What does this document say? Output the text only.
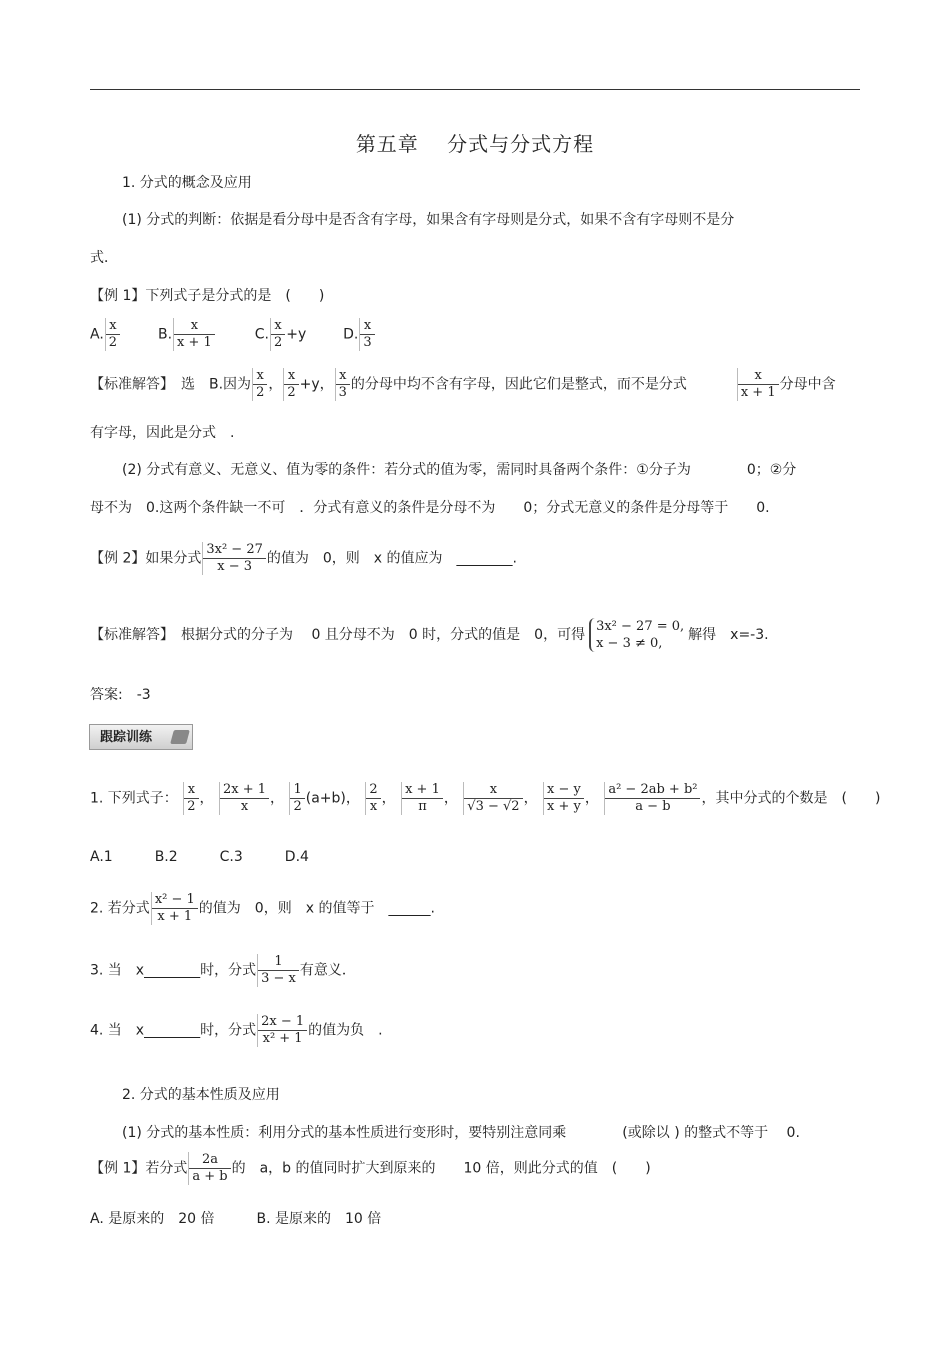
第五章　 分式与分式方程
1. 分式的概念及应用
(1) 分式的判断：依据是看分母中是否含有字母，如果含有字母则是分式，如果不含有字母则不是分
式．
【例 1】下列式子是分式的是　(　　)
A. $\frac{x}{2}$	B. $\frac{x}{x + 1}$	C. $\frac{x}{2} +y$	D. $\frac{x}{3}$
【标准解答】　选　B.因为 $\frac{x}{2}$ ， $\frac{x}{2} +y$， $\frac{x}{3}$ 的分母中均不含有字母，因此它们是整式，而不是分式	$\frac{x}{x + 1}$ 分母中含
有字母，因此是分式　.
(2) 分式有意义、无意义、值为零的条件：若分式的值为零，需同时具备两个条件：①分子为　　　　0；②分
母不为　0.这两个条件缺一不可　．分式有意义的条件是分母不为　　0；分式无意义的条件是分母等于　　0.
【例 2】如果分式 $\frac{\text{3x² − 27}}{x - 3}$ 的值为　0，则　x 的值应为　________.
【标准解答】　根据分式的分子为　 0 且分母不为　0 时，分式的值是　0，可得
3x² − 27 = 0,
x − 3 ≠ 0,
解得　x=-3.
答案:　-3
跟踪训练
1. 下列式子： $\frac{x}{2}$ ， $\frac{2x + 1}{x}$ ， $\frac{1}{2} (a+b)$， $\frac{2}{x}$ ， $\frac{x + 1}{\pi}$ ， $\frac{x}{√3 - √2}$ ， $\frac{x - y}{x + y}$ ， $\frac{\text{a² − 2ab + b²}}{a - b}$ ，其中分式的个数是　(　　)
A.1　　　B.2　　　C.3　　　D.4
2. 若分式 $\frac{\text{x² − 1}}{x + 1}$ 的值为　0，则　x 的值等于　______.
3. 当　x________时，分式 $\frac{1}{3 - x}$ 有意义．
4. 当　x________时，分式 $\frac{2x - 1}{\text{x² + 1}}$ 的值为负　.
2. 分式的基本性质及应用
(1) 分式的基本性质：利用分式的基本性质进行变形时，要特别注意同乘　　　　(或除以 ) 的整式不等于　 0.
【例 1】若分式 $\frac{2a}{a + b}$ 的　a，b 的值同时扩大到原来的　　10 倍，则此分式的值　(　　)
A. 是原来的　20 倍　　　B. 是原来的　10 倍
